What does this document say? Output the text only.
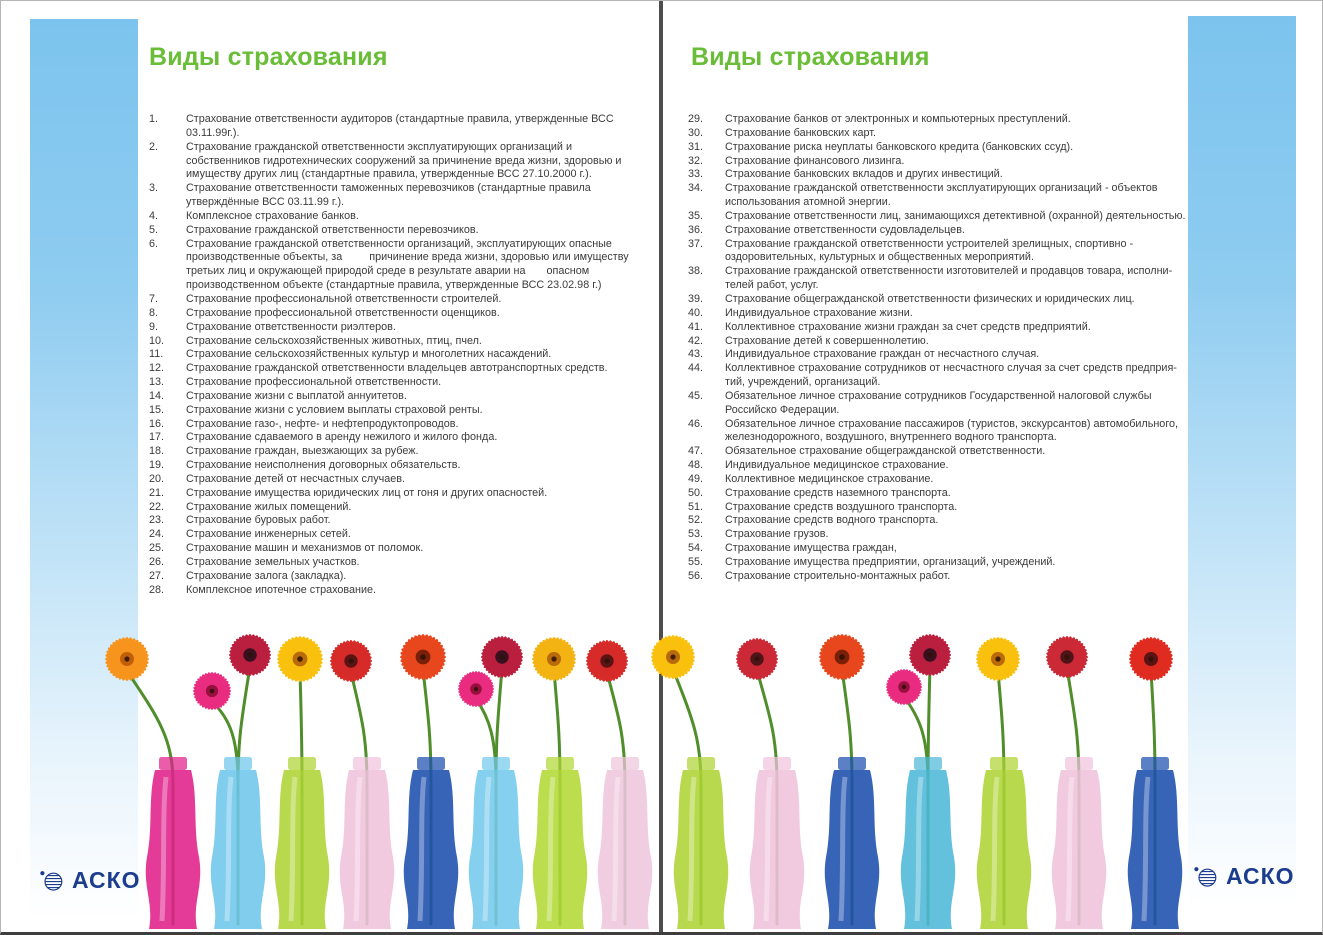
Виды страхования	Виды страхования
1.	Страхование ответственности аудиторов (стандартные правила, утвержденные ВСС 03.11.99г.).
2.	Страхование гражданской ответственности эксплуатирующих организаций и собственников гидротехнических сооружений за причинение вреда жизни, здоровью и имуществу других лиц (стандартные правила, утвержденные ВСС 27.10.2000 г.).
3.	Страхование ответственности таможенных перевозчиков (стандартные правила утверждённые ВСС 03.11.99 г.).
4.	Комплексное страхование банков.
5.	Страхование гражданской ответственности перевозчиков.
6.	Страхование гражданской ответственности организаций, эксплуатирующих опасные производственные объекты, за         причинение вреда жизни, здоровью или имуществу третьих лиц и окружающей природой среде в результате аварии на       опасном производственном объекте (стандартные правила, утвержденные ВСС 23.02.98 г.)
7.	Страхование профессиональной ответственности строителей.
8.	Страхование профессиональной ответственности оценщиков.
9.	Страхование ответственности риэлтеров.
10.	Страхование сельскохозяйственных животных, птиц, пчел.
11.	Страхование сельскохозяйственных культур и многолетних насаждений.
12.	Страхование гражданской ответственности владельцев автотранспортных средств.
13.	Страхование профессиональной ответственности.
14.	Страхование жизни с выплатой аннуитетов.
15.	Страхование жизни с условием выплаты страховой ренты.
16.	Страхование газо-, нефте- и нефтепродуктопроводов.
17.	Страхование сдаваемого в аренду нежилого и жилого фонда.
18.	Страхование граждан, выезжающих за рубеж.
19.	Страхование неисполнения договорных обязательств.
20.	Страхование детей от несчастных случаев.
21.	Страхование имущества юридических лиц от гоня и других опасностей.
22.	Страхование жилых помещений.
23.	Страхование буровых работ.
24.	Страхование инженерных сетей.
25.	Страхование машин и механизмов от поломок.
26.	Страхование земельных участков.
27.	Страхование залога (закладка).
28.	Комплексное ипотечное страхование.
29.	Страхование банков от электронных и компьютерных преступлений.
30.	Страхование банковских карт.
31.	Страхование риска неуплаты банковского кредита (банковских ссуд).
32.	Страхование финансового лизинга.
33.	Страхование банковских вкладов и других инвестиций.
34.	Страхование гражданской ответственности эксплуатирующих организаций - объектов использования атомной энергии.
35.	Страхование ответственности лиц, занимающихся детективной (охранной) деятельностью.
36.	Страхование ответственности судовладельцев.
37.	Страхование гражданской ответственности устроителей зрелищных, спортивно - оздоровительных, культурных и общественных мероприятий.
38.	Страхование гражданской ответственности изготовителей и продавцов товара, исполни-телей работ, услуг.
39.	Страхование общегражданской ответственности физических и юридических лиц.
40.	Индивидуальное страхование жизни.
41.	Коллективное страхование жизни граждан за счет средств предприятий.
42.	Страхование детей к совершеннолетию.
43.	Индивидуальное страхование граждан от несчастного случая.
44.	Коллективное страхование сотрудников от несчастного случая за счет средств предприя-тий, учреждений, организаций.
45.	Обязательное личное страхование сотрудников Государственной налоговой службы Российско Федерации.
46.	Обязательное личное страхование пассажиров (туристов, экскурсантов) автомобильного, железнодорожного, воздушного, внутреннего водного транспорта.
47.	Обязательное страхование общегражданской ответственности.
48.	Индивидуальное медицинское страхование.
49.	Коллективное медицинское страхование.
50.	Страхование средств наземного транспорта.
51.	Страхование средств воздушного транспорта.
52.	Страхование средств водного транспорта.
53.	Страхование грузов.
54.	Страхование имущества граждан,
55.	Страхование имущества предприятии, организаций, учреждений.
56.	Страхование строительно-монтажных работ.
АСКО	АСКО
